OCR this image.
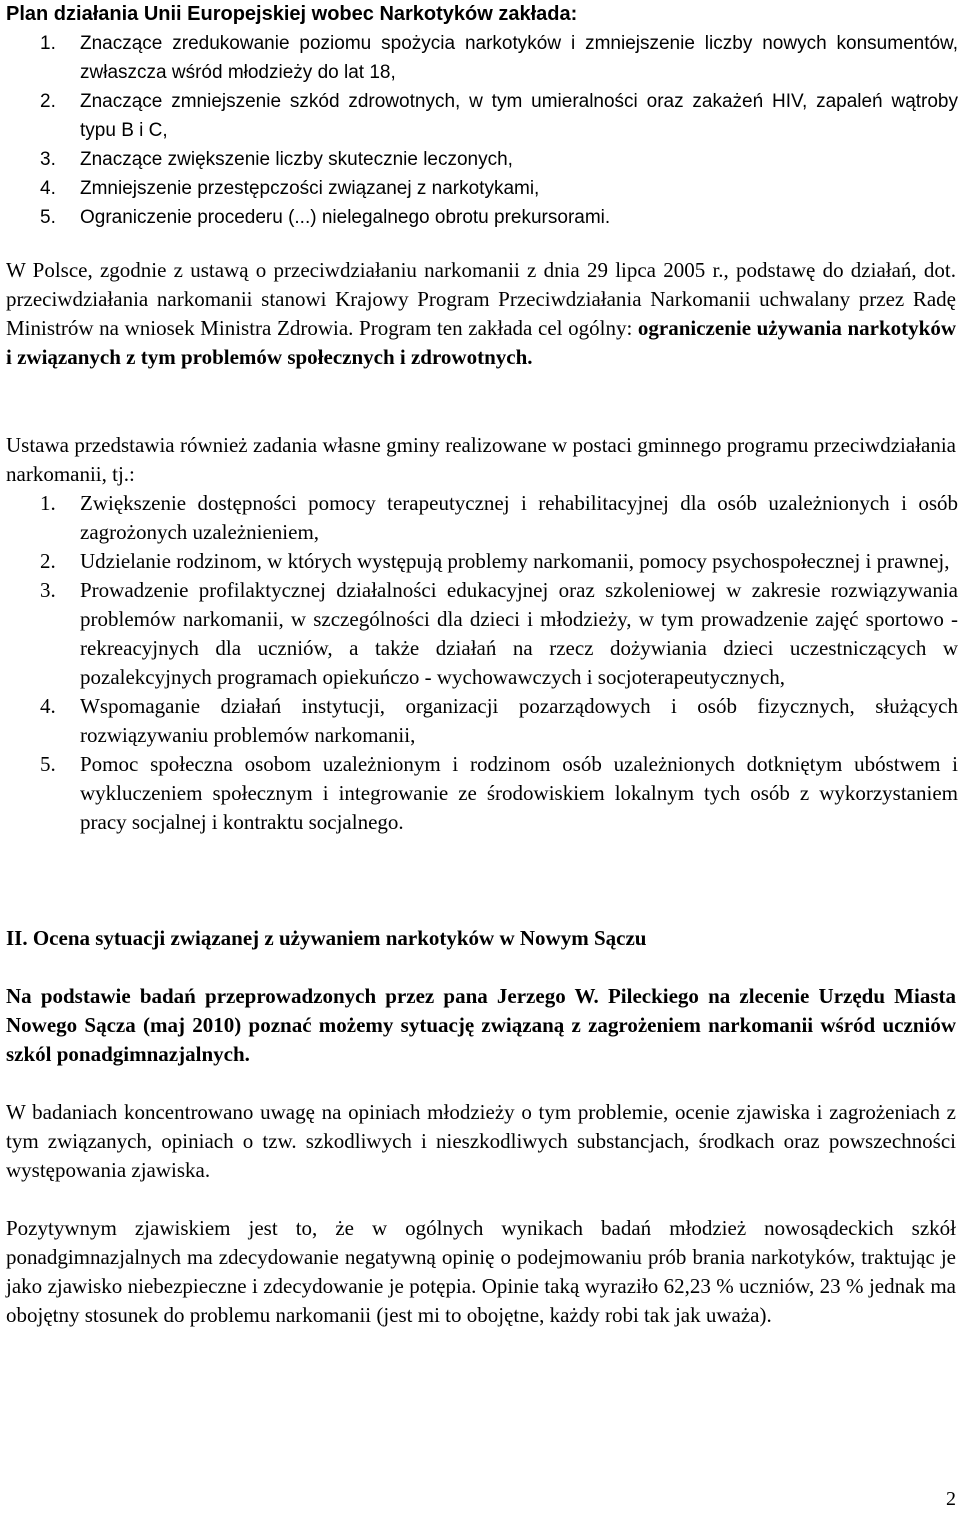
Plan działania Unii Europejskiej wobec Narkotyków zakłada:
1. Znaczące zredukowanie poziomu spożycia narkotyków i zmniejszenie liczby nowych konsumentów, zwłaszcza wśród młodzieży do lat 18,
2. Znaczące zmniejszenie szkód zdrowotnych, w tym umieralności oraz zakażeń HIV, zapaleń wątroby typu B i C,
3. Znaczące zwiększenie liczby skutecznie leczonych,
4. Zmniejszenie przestępczości związanej z narkotykami,
5. Ograniczenie procederu (...) nielegalnego obrotu prekursorami.

W Polsce, zgodnie z ustawą o przeciwdziałaniu narkomanii z dnia 29 lipca 2005 r., podstawę do działań, dot. przeciwdziałania narkomanii stanowi Krajowy Program Przeciwdziałania Narkomanii uchwalany przez Radę Ministrów na wniosek Ministra Zdrowia. Program ten zakłada cel ogólny: ograniczenie używania narkotyków i związanych z tym problemów społecznych i zdrowotnych.

Ustawa przedstawia również zadania własne gminy realizowane w postaci gminnego programu przeciwdziałania narkomanii, tj.:

1. Zwiększenie dostępności pomocy terapeutycznej i rehabilitacyjnej dla osób uzależnionych i osób zagrożonych uzależnieniem,
2. Udzielanie rodzinom, w których występują problemy narkomanii, pomocy psychospołecznej i prawnej,
3. Prowadzenie profilaktycznej działalności edukacyjnej oraz szkoleniowej w zakresie rozwiązywania problemów narkomanii, w szczególności dla dzieci i młodzieży, w tym prowadzenie zajęć sportowo - rekreacyjnych dla uczniów, a także działań na rzecz dożywiania dzieci uczestniczących w pozalekcyjnych programach opiekuńczo - wychowawczych i socjoterapeutycznych,
4. Wspomaganie działań instytucji, organizacji pozarządowych i osób fizycznych, służących rozwiązywaniu problemów narkomanii,
5. Pomoc społeczna osobom uzależnionym i rodzinom osób uzależnionych dotkniętym ubóstwem i wykluczeniem społecznym i integrowanie ze środowiskiem lokalnym tych osób z wykorzystaniem pracy socjalnej i kontraktu socjalnego.
II. Ocena sytuacji związanej z używaniem narkotyków w Nowym Sączu

Na podstawie badań przeprowadzonych przez pana Jerzego W. Pileckiego na zlecenie Urzędu Miasta Nowego Sącza (maj 2010) poznać możemy sytuację związaną z zagrożeniem narkomanii wśród uczniów szkól ponadgimnazjalnych.

W badaniach koncentrowano uwagę na opiniach młodzieży o tym problemie, ocenie zjawiska i zagrożeniach z tym związanych, opiniach o tzw. szkodliwych i nieszkodliwych substancjach, środkach oraz powszechności występowania zjawiska.

Pozytywnym zjawiskiem jest to, że w ogólnych wynikach badań młodzież nowosądeckich szkół ponadgimnazjalnych ma zdecydowanie negatywną opinię o podejmowaniu prób brania narkotyków, traktując je jako zjawisko niebezpieczne i zdecydowanie je potępia. Opinie taką wyraziło 62,23 % uczniów, 23 % jednak ma obojętny stosunek do problemu narkomanii (jest mi to obojętne, każdy robi tak jak uważa).

2
